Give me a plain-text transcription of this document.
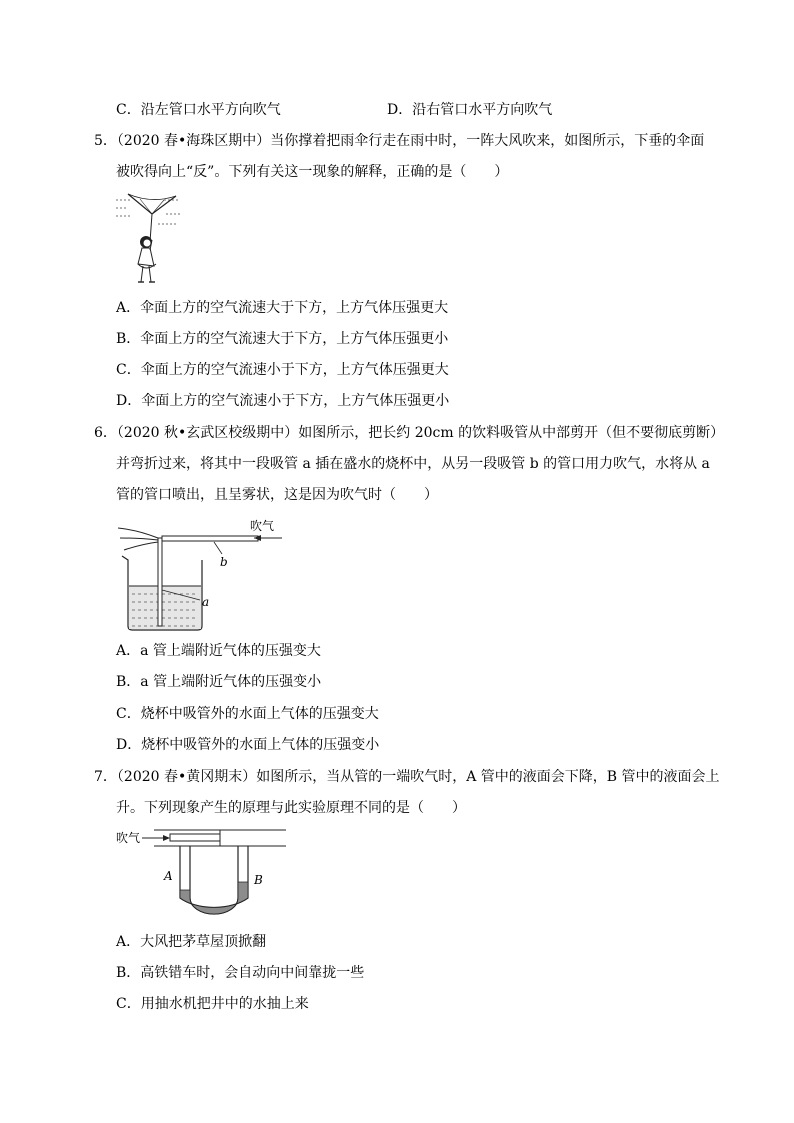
C．沿左管口水平方向吹气	D．沿右管口水平方向吹气
5．（2020 春•海珠区期中）当你撑着把雨伞行走在雨中时，一阵大风吹来，如图所示，下垂的伞面
被吹得向上“反”。下列有关这一现象的解释，正确的是（　　）
A．伞面上方的空气流速大于下方，上方气体压强更大
B．伞面上方的空气流速大于下方，上方气体压强更小
C．伞面上方的空气流速小于下方，上方气体压强更大
D．伞面上方的空气流速小于下方，上方气体压强更小
6．（2020 秋•玄武区校级期中）如图所示，把长约 20cm 的饮料吸管从中部剪开（但不要彻底剪断）
并弯折过来，将其中一段吸管 a 插在盛水的烧杯中，从另一段吸管 b 的管口用力吹气，水将从 a
管的管口喷出，且呈雾状，这是因为吹气时（　　）
吹气
b
a
A．a 管上端附近气体的压强变大
B．a 管上端附近气体的压强变小
C．烧杯中吸管外的水面上气体的压强变大
D．烧杯中吸管外的水面上气体的压强变小
7．（2020 春•黄冈期末）如图所示，当从管的一端吹气时，A 管中的液面会下降，B 管中的液面会上
升。下列现象产生的原理与此实验原理不同的是（　　）
吹气
A	B
A．大风把茅草屋顶掀翻
B．高铁错车时，会自动向中间靠拢一些
C．用抽水机把井中的水抽上来
